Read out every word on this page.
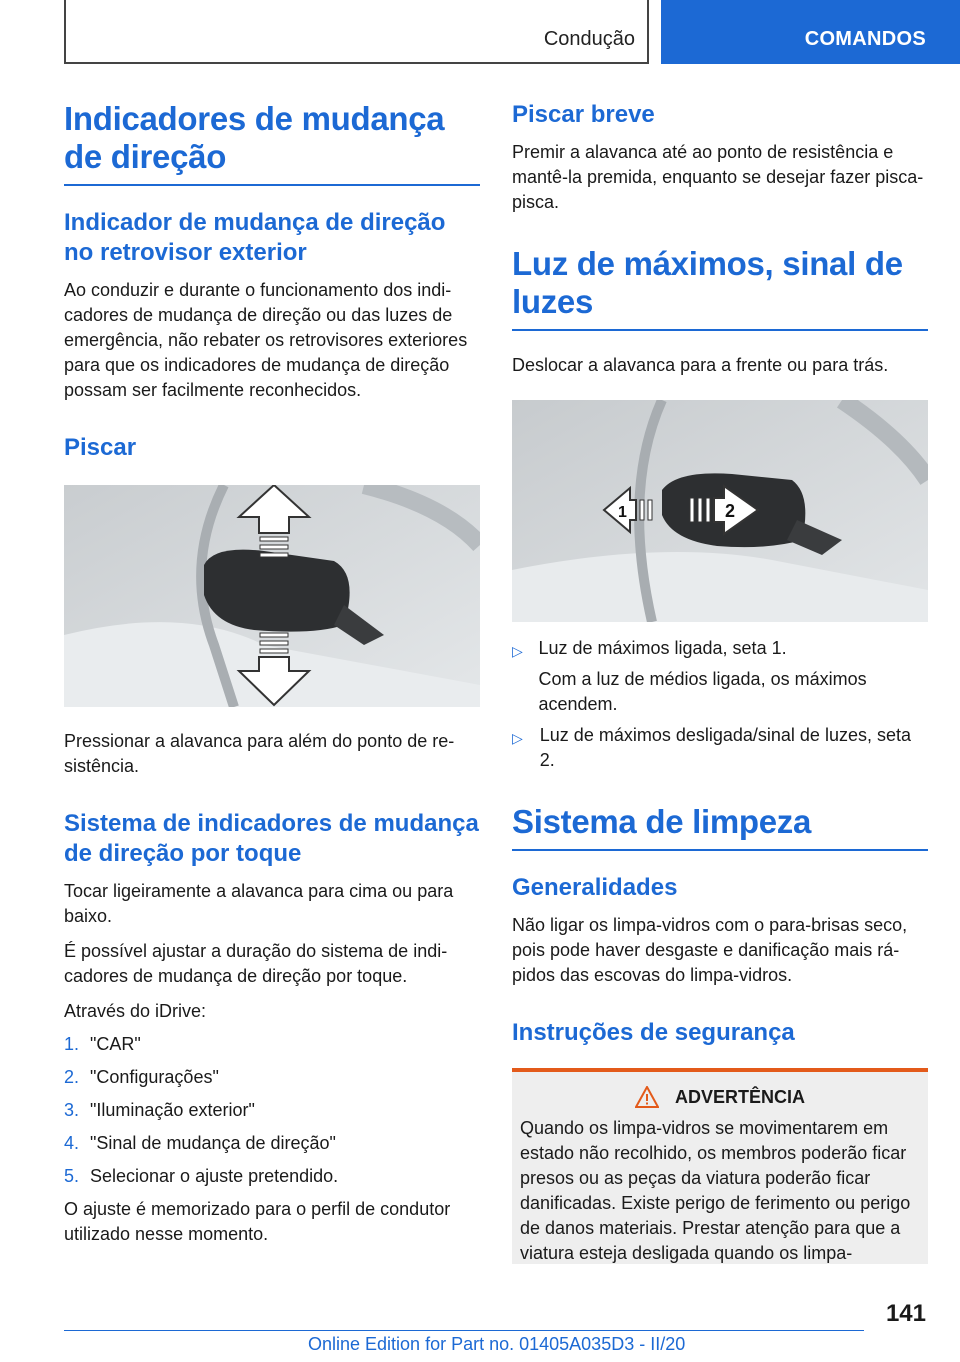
Condução	COMANDOS
Indicadores de mudança de direção
Indicador de mudança de direção no retrovisor exterior

Ao conduzir e durante o funcionamento dos indicadores de mudança de direção ou das luzes de emergência, não rebater os retrovisores exteriores para que os indicadores de mudança de direção possam ser facilmente reconhecidos.

Piscar

Pressionar a alavanca para além do ponto de resistência.

Sistema de indicadores de mudança de direção por toque

Tocar ligeiramente a alavanca para cima ou para baixo.

É possível ajustar a duração do sistema de indicadores de mudança de direção por toque.

Através do iDrive:

1. "CAR"
2. "Configurações"
3. "Iluminação exterior"
4. "Sinal de mudança de direção"
5. Selecionar o ajuste pretendido.

O ajuste é memorizado para o perfil de condutor utilizado nesse momento.

Piscar breve

Premir a alavanca até ao ponto de resistência e mantê-la premida, enquanto se desejar fazer pisca-pisca.

Luz de máximos, sinal de luzes

Deslocar a alavanca para a frente ou para trás.

1	2
▷ Luz de máximos ligada, seta 1.
Com a luz de médios ligada, os máximos acendem.
▷ Luz de máximos desligada/sinal de luzes, seta 2.
Sistema de limpeza
Generalidades

Não ligar os limpa-vidros com o para-brisas seco, pois pode haver desgaste e danificação mais rápidos das escovas do limpa-vidros.

Instruções de segurança
ADVERTÊNCIA

Quando os limpa-vidros se movimentarem em estado não recolhido, os membros poderão ficar presos ou as peças da viatura poderão ficar danificadas. Existe perigo de ferimento ou perigo de danos materiais. Prestar atenção para que a viatura esteja desligada quando os limpa-

141
Online Edition for Part no. 01405A035D3 - II/20
